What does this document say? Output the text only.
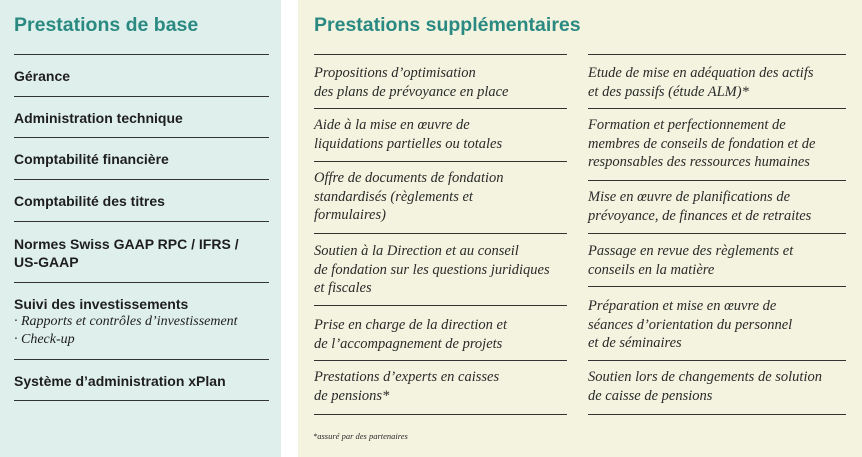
Prestations de base
Gérance
Administration technique
Comptabilité financière
Comptabilité des titres
Normes Swiss GAAP RPC / IFRS /
US-GAAP
Suivi des investissements
· Rapports et contrôles d’investissement
· Check-up
Système d’administration xPlan
Prestations supplémentaires
Propositions d’optimisation
des plans de prévoyance en place
Aide à la mise en œuvre de
liquidations partielles ou totales
Offre de documents de fondation
standardisés (règlements et
formulaires)
Soutien à la Direction et au conseil
de fondation sur les questions juridiques
et fiscales
Prise en charge de la direction et
de l’accompagnement de projets
Prestations d’experts en caisses
de pensions*
Etude de mise en adéquation des actifs
et des passifs (étude ALM)*
Formation et perfectionnement de
membres de conseils de fondation et de
responsables des ressources humaines
Mise en œuvre de planifications de
prévoyance, de finances et de retraites
Passage en revue des règlements et
conseils en la matière
Préparation et mise en œuvre de
séances d’orientation du personnel
et de séminaires
Soutien lors de changements de solution
de caisse de pensions
*assuré par des partenaires
